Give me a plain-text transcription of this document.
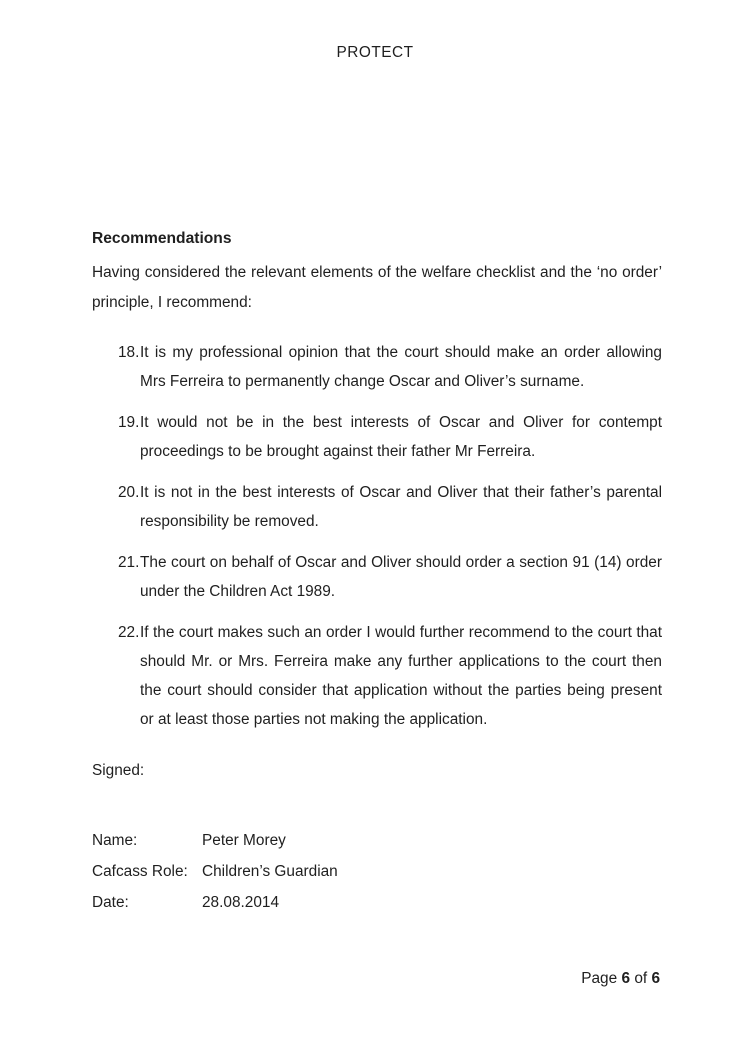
PROTECT
Recommendations

Having considered the relevant elements of the welfare checklist and the ‘no order’ principle, I recommend:

18. It is my professional opinion that the court should make an order allowing Mrs Ferreira to permanently change Oscar and Oliver’s surname.
19. It would not be in the best interests of Oscar and Oliver for contempt proceedings to be brought against their father Mr Ferreira.
20. It is not in the best interests of Oscar and Oliver that their father’s parental responsibility be removed.
21. The court on behalf of Oscar and Oliver should order a section 91 (14) order under the Children Act 1989.
22. If the court makes such an order I would further recommend to the court that should Mr. or Mrs. Ferreira make any further applications to the court then the court should consider that application without the parties being present or at least those parties not making the application.

Signed:

Name:	Peter Morey
Cafcass Role: Children’s Guardian
Date:	28.08.2014
Page 6 of 6
